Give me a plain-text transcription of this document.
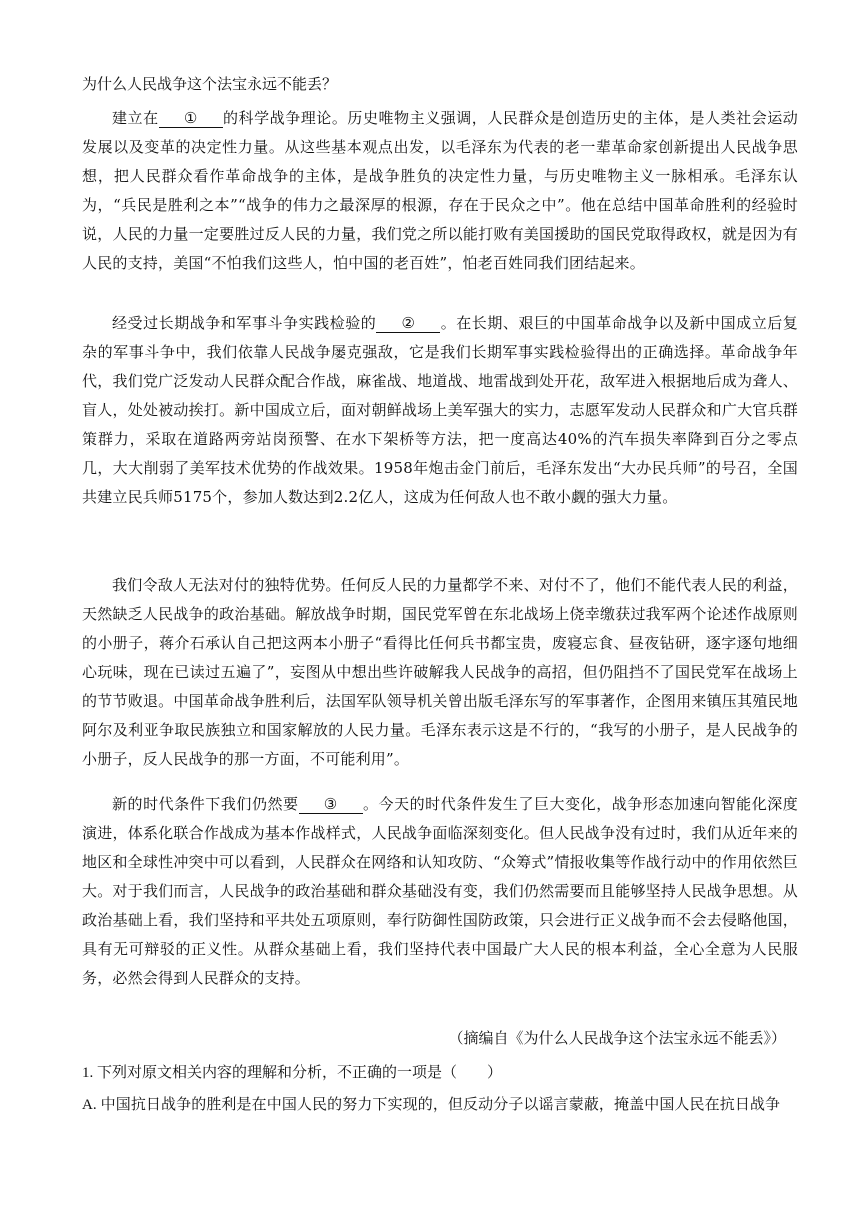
为什么人民战争这个法宝永远不能丢？

建立在 ① 的科学战争理论。历史唯物主义强调，人民群众是创造历史的主体，是人类社会运动发展以及变革的决定性力量。从这些基本观点出发，以毛泽东为代表的老一辈革命家创新提出人民战争思想，把人民群众看作革命战争的主体，是战争胜负的决定性力量，与历史唯物主义一脉相承。毛泽东认为，“兵民是胜利之本”“战争的伟力之最深厚的根源，存在于民众之中”。他在总结中国革命胜利的经验时说，人民的力量一定要胜过反人民的力量，我们党之所以能打败有美国援助的国民党取得政权，就是因为有人民的支持，美国“不怕我们这些人，怕中国的老百姓”，怕老百姓同我们团结起来。

经受过长期战争和军事斗争实践检验的 ② 。在长期、艰巨的中国革命战争以及新中国成立后复杂的军事斗争中，我们依靠人民战争屡克强敌，它是我们长期军事实践检验得出的正确选择。革命战争年代，我们党广泛发动人民群众配合作战，麻雀战、地道战、地雷战到处开花，敌军进入根据地后成为聋人、盲人，处处被动挨打。新中国成立后，面对朝鲜战场上美军强大的实力，志愿军发动人民群众和广大官兵群策群力，采取在道路两旁站岗预警、在水下架桥等方法，把一度高达40%的汽车损失率降到百分之零点几，大大削弱了美军技术优势的作战效果。1958年炮击金门前后，毛泽东发出“大办民兵师”的号召，全国共建立民兵师5175个，参加人数达到2.2亿人，这成为任何敌人也不敢小觑的强大力量。

我们令敌人无法对付的独特优势。任何反人民的力量都学不来、对付不了，他们不能代表人民的利益，天然缺乏人民战争的政治基础。解放战争时期，国民党军曾在东北战场上侥幸缴获过我军两个论述作战原则的小册子，蒋介石承认自己把这两本小册子“看得比任何兵书都宝贵，废寝忘食、昼夜钻研，逐字逐句地细心玩味，现在已读过五遍了”，妄图从中想出些许破解我人民战争的高招，但仍阻挡不了国民党军在战场上的节节败退。中国革命战争胜利后，法国军队领导机关曾出版毛泽东写的军事著作，企图用来镇压其殖民地阿尔及利亚争取民族独立和国家解放的人民力量。毛泽东表示这是不行的，“我写的小册子，是人民战争的小册子，反人民战争的那一方面，不可能利用”。

新的时代条件下我们仍然要 ③ 。今天的时代条件发生了巨大变化，战争形态加速向智能化深度演进，体系化联合作战成为基本作战样式，人民战争面临深刻变化。但人民战争没有过时，我们从近年来的地区和全球性冲突中可以看到，人民群众在网络和认知攻防、“众筹式”情报收集等作战行动中的作用依然巨大。对于我们而言，人民战争的政治基础和群众基础没有变，我们仍然需要而且能够坚持人民战争思想。从政治基础上看，我们坚持和平共处五项原则，奉行防御性国防政策，只会进行正义战争而不会去侵略他国，具有无可辩驳的正义性。从群众基础上看，我们坚持代表中国最广大人民的根本利益，全心全意为人民服务，必然会得到人民群众的支持。

（摘编自《为什么人民战争这个法宝永远不能丢》）

1. 下列对原文相关内容的理解和分析，不正确的一项是（　　）

A. 中国抗日战争的胜利是在中国人民的努力下实现的，但反动分子以谣言蒙蔽，掩盖中国人民在抗日战争
